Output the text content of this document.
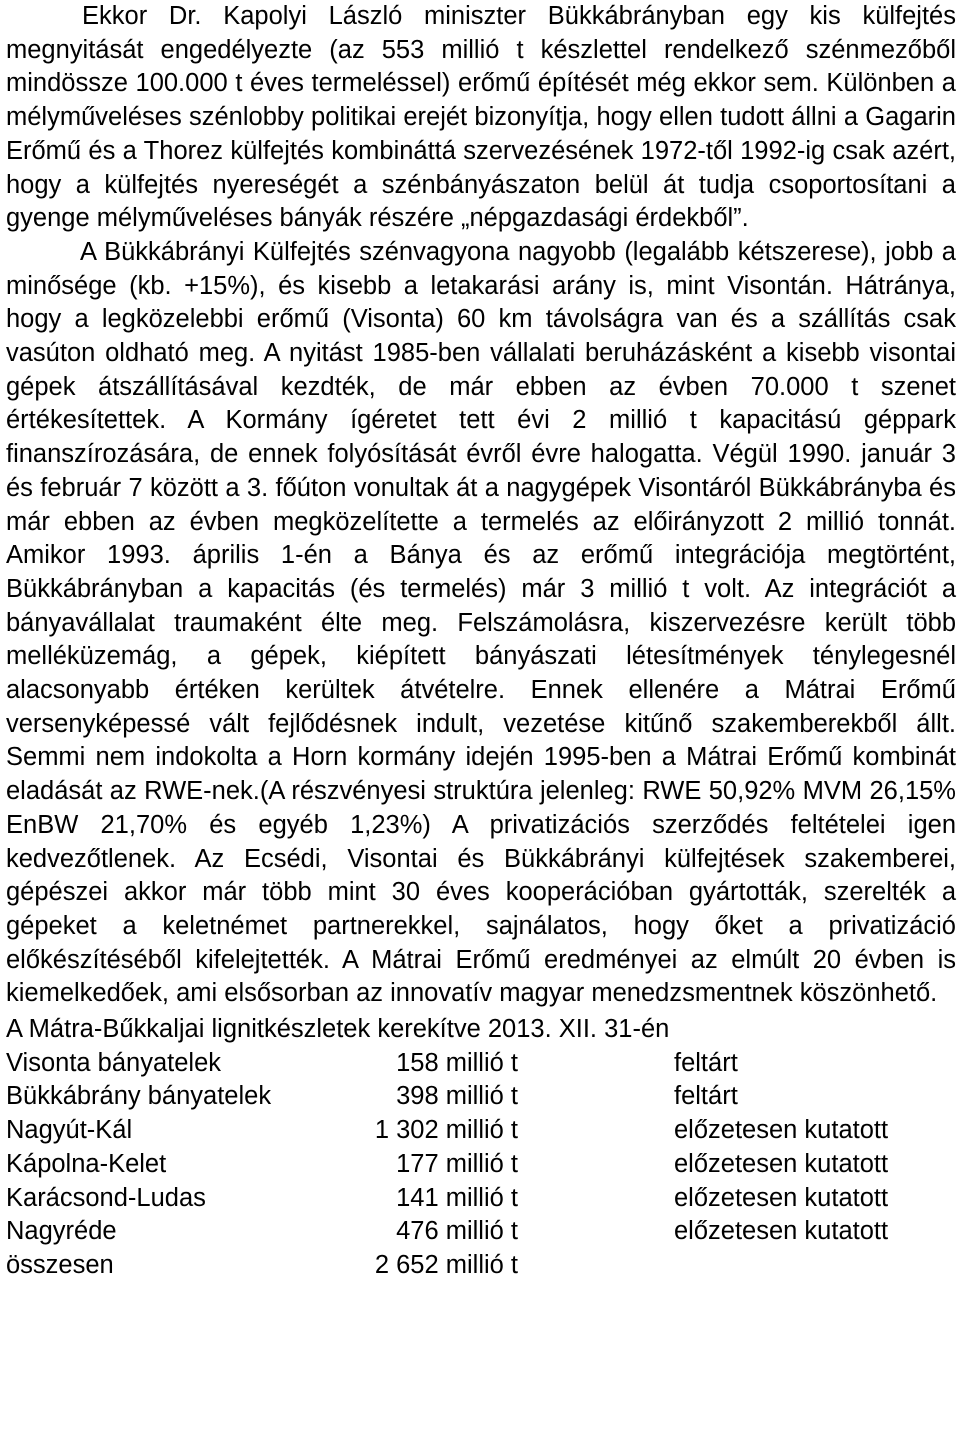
Ekkor Dr. Kapolyi László miniszter Bükkábrányban egy kis külfejtés megnyitását engedélyezte (az 553 millió t készlettel rendelkező szénmezőből mindössze 100.000 t éves termeléssel) erőmű építését még ekkor sem. Különben a mélyműveléses szénlobby politikai erejét bizonyítja, hogy ellen tudott állni a Gagarin Erőmű és a Thorez külfejtés kombináttá szervezésének 1972-től 1992-ig csak azért, hogy a külfejtés nyereségét a szénbányászaton belül át tudja csoportosítani a gyenge mélyműveléses bányák részére „népgazdasági érdekből”.

A Bükkábrányi Külfejtés szénvagyona nagyobb (legalább kétszerese), jobb a minősége (kb. +15%), és kisebb a letakarási arány is, mint Visontán. Hátránya, hogy a legközelebbi erőmű (Visonta) 60 km távolságra van és a szállítás csak vasúton oldható meg. A nyitást 1985-ben vállalati beruházásként a kisebb visontai gépek átszállításával kezdték, de már ebben az évben 70.000 t szenet értékesítettek. A Kormány ígéretet tett évi 2 millió t kapacitású géppark finanszírozására, de ennek folyósítását évről évre halogatta. Végül 1990. január 3 és február 7 között a 3. főúton vonultak át a nagygépek Visontáról Bükkábrányba és már ebben az évben megközelítette a termelés az előirányzott 2 millió tonnát. Amikor 1993. április 1-én a Bánya és az erőmű integrációja megtörtént, Bükkábrányban a kapacitás (és termelés) már 3 millió t volt. Az integrációt a bányavállalat traumaként élte meg. Felszámolásra, kiszervezésre került több melléküzemág, a gépek, kiépített bányászati létesítmények ténylegesnél alacsonyabb értéken kerültek átvételre. Ennek ellenére a Mátrai Erőmű versenyképessé vált fejlődésnek indult, vezetése kitűnő szakemberekből állt. Semmi nem indokolta a Horn kormány idején 1995-ben a Mátrai Erőmű kombinát eladását az RWE-nek.(A részvényesi struktúra jelenleg: RWE 50,92% MVM 26,15% EnBW 21,70% és egyéb 1,23%) A privatizációs szerződés feltételei igen kedvezőtlenek. Az Ecsédi, Visontai és Bükkábrányi külfejtések szakemberei, gépészei akkor már több mint 30 éves kooperációban gyártották, szerelték a gépeket a keletnémet partnerekkel, sajnálatos, hogy őket a privatizáció előkészítéséből kifelejtették. A Mátrai Erőmű eredményei az elmúlt 20 évben is kiemelkedőek, ami elsősorban az innovatív magyar menedzsmentnek köszönhető.

A Mátra-Bűkkaljai lignitkészletek kerekítve 2013. XII. 31-én
Visonta bányatelek	158 millió t	feltárt
Bükkábrány bányatelek	398 millió t	feltárt
Nagyút-Kál	1 302 millió t	előzetesen kutatott
Kápolna-Kelet	177 millió t	előzetesen kutatott
Karácsond-Ludas	141 millió t	előzetesen kutatott
Nagyréde	476 millió t	előzetesen kutatott
összesen	2 652 millió t
